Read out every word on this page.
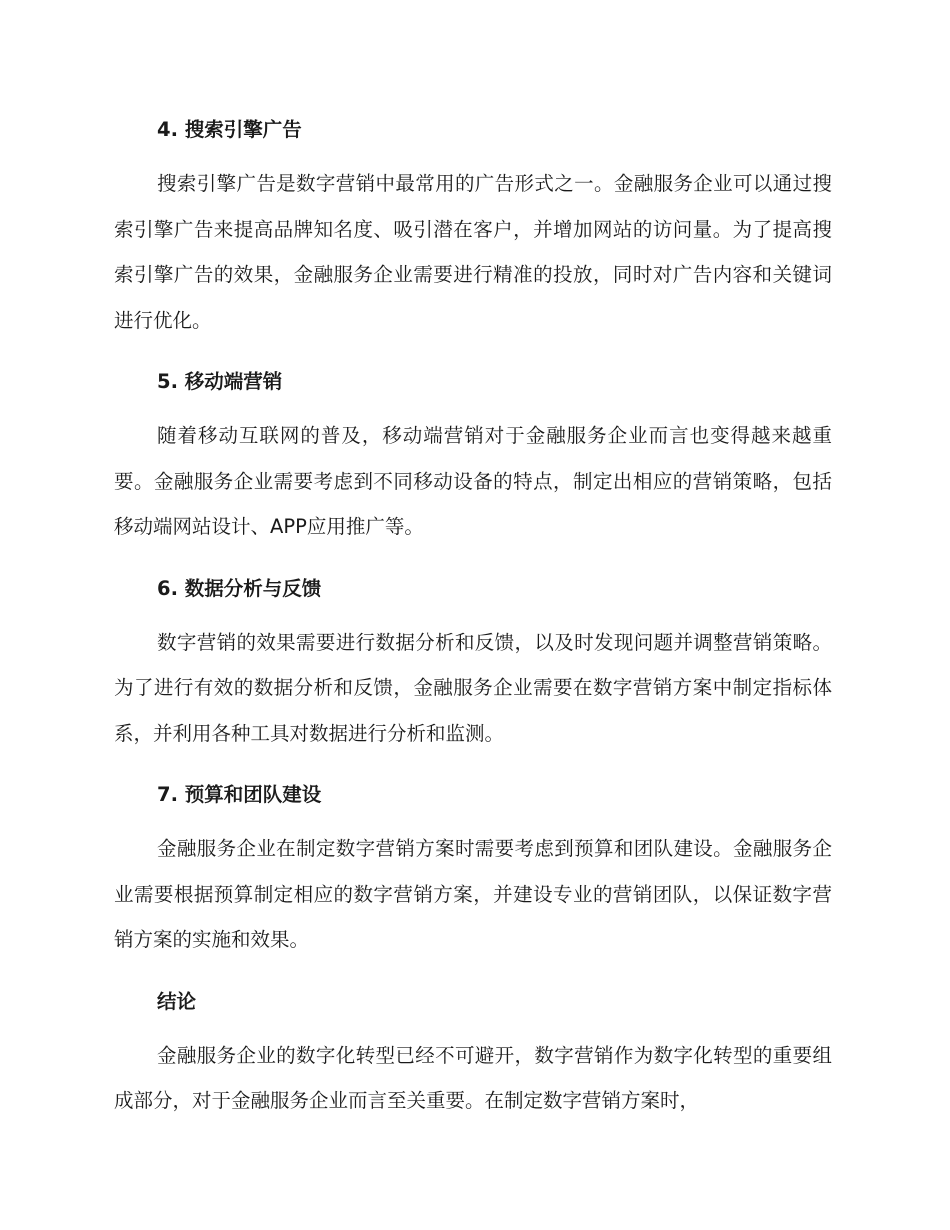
4. 搜索引擎广告

搜索引擎广告是数字营销中最常用的广告形式之一。金融服务企业可以通过搜索引擎广告来提高品牌知名度、吸引潜在客户，并增加网站的访问量。为了提高搜索引擎广告的效果，金融服务企业需要进行精准的投放，同时对广告内容和关键词进行优化。

5. 移动端营销

随着移动互联网的普及，移动端营销对于金融服务企业而言也变得越来越重要。金融服务企业需要考虑到不同移动设备的特点，制定出相应的营销策略，包括移动端网站设计、APP应用推广等。

6. 数据分析与反馈

数字营销的效果需要进行数据分析和反馈，以及时发现问题并调整营销策略。为了进行有效的数据分析和反馈，金融服务企业需要在数字营销方案中制定指标体系，并利用各种工具对数据进行分析和监测。

7. 预算和团队建设

金融服务企业在制定数字营销方案时需要考虑到预算和团队建设。金融服务企业需要根据预算制定相应的数字营销方案，并建设专业的营销团队，以保证数字营销方案的实施和效果。

结论

金融服务企业的数字化转型已经不可避开，数字营销作为数字化转型的重要组成部分，对于金融服务企业而言至关重要。在制定数字营销方案时，
